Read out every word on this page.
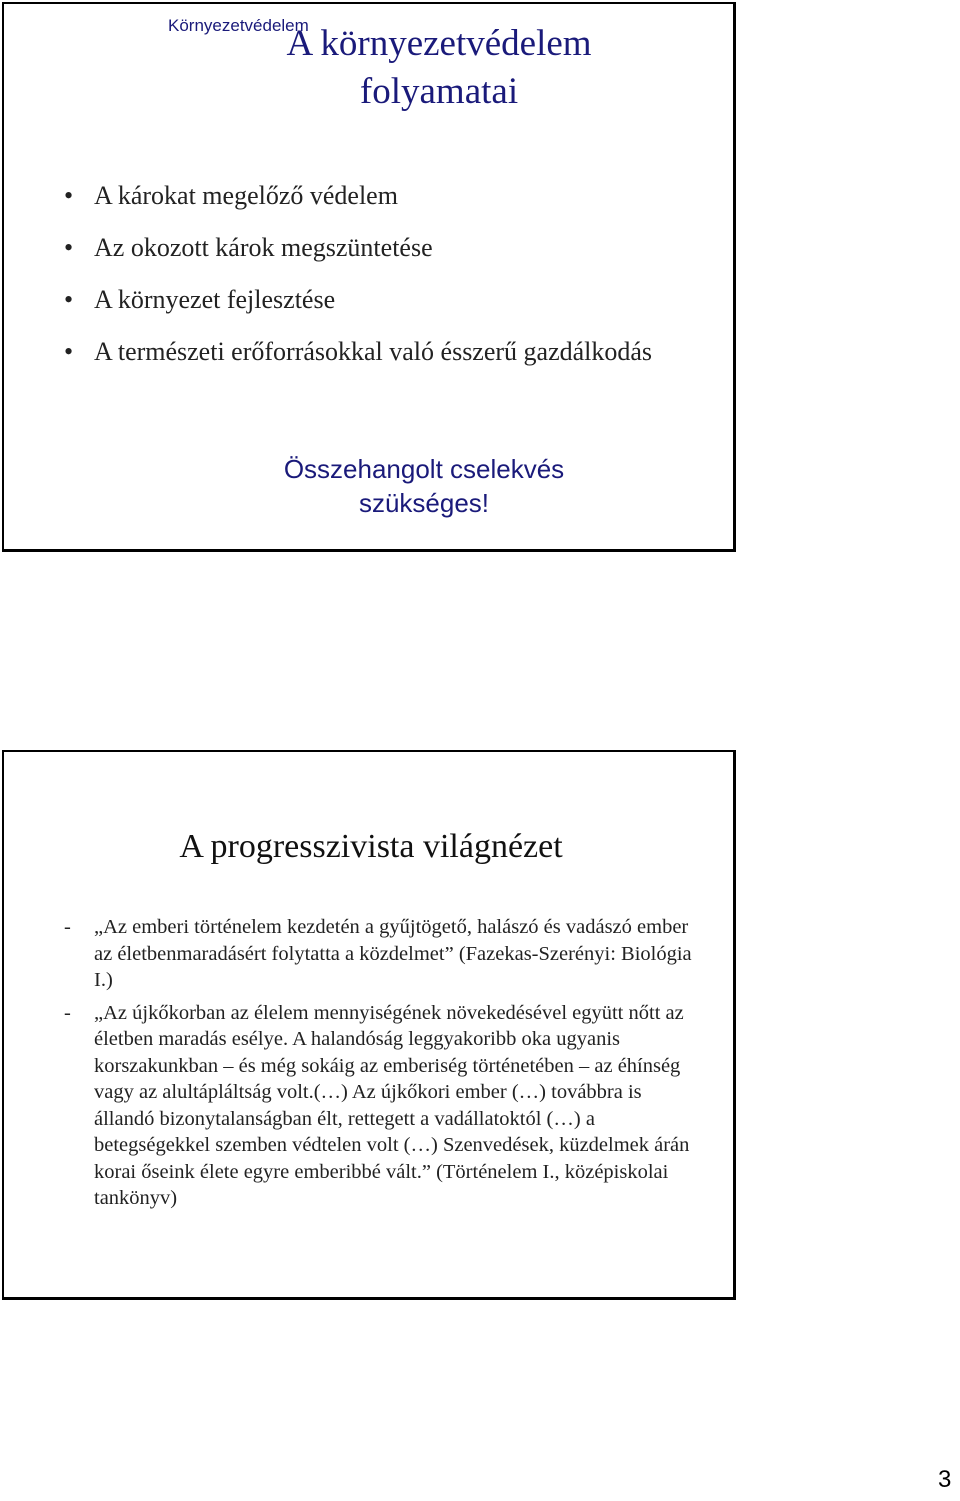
Környezetvédelem
A környezetvédelem
folyamatai
• A károkat megelőző védelem
• Az okozott károk megszüntetése
• A környezet fejlesztése
• A természeti erőforrásokkal való ésszerű gazdálkodás
Összehangolt cselekvés
szükséges!
A progresszivista világnézet
- „Az emberi történelem kezdetén a gyűjtögető, halászó és vadászó ember az életbenmaradásért folytatta a közdelmet” (Fazekas-Szerényi: Biológia I.)
- „Az újkőkorban az élelem mennyiségének növekedésével együtt nőtt az életben maradás esélye. A halandóság leggyakoribb oka ugyanis korszakunkban – és még sokáig az emberiség történetében – az éhínség vagy az alultápláltság volt.(…) Az újkőkori ember (…) továbbra is állandó bizonytalanságban élt, rettegett a vadállatoktól (…) a betegségekkel szemben védtelen volt (…) Szenvedések, küzdelmek árán korai őseink élete egyre emberibbé vált.” (Történelem I., középiskolai tankönyv)
3
